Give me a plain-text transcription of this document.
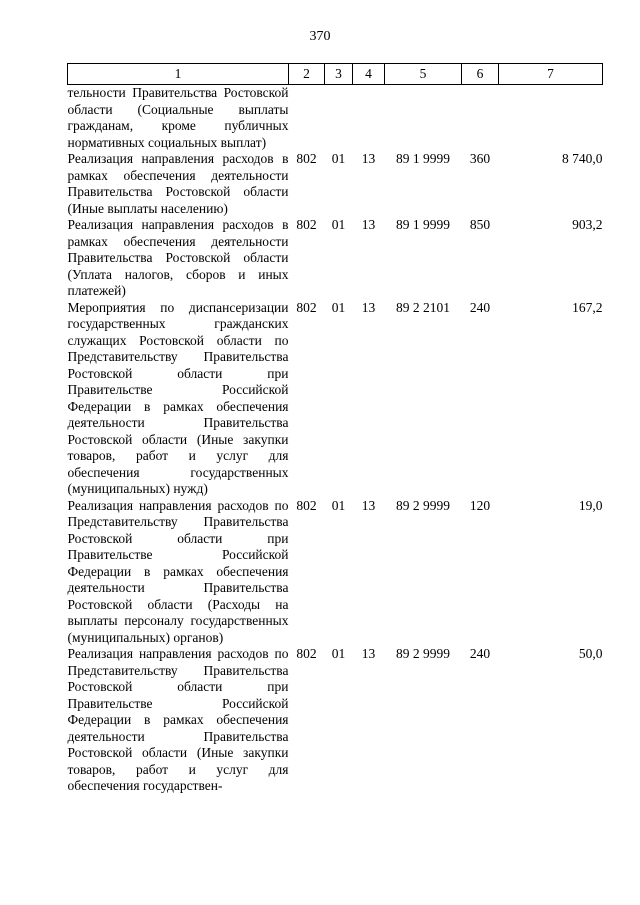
370
1	2	3	4	5	6	7
тельности Правительства Ростовской области (Социальные выплаты гражданам, кроме публичных нормативных социальных выплат)						
Реализация направления расходов в рамках обеспечения деятельности Правительства Ростовской области (Иные выплаты населению)	802	01	13	89 1 9999	360	8 740,0
Реализация направления расходов в рамках обеспечения деятельности Правительства Ростовской области (Уплата налогов, сборов и иных платежей)	802	01	13	89 1 9999	850	903,2
Мероприятия по диспансеризации государственных гражданских служащих Ростовской области по Представительству Правительства Ростовской области при Правительстве Российской Федерации в рамках обеспечения деятельности Правительства Ростовской области (Иные закупки товаров, работ и услуг для обеспечения государственных (муниципальных) нужд)	802	01	13	89 2 2101	240	167,2
Реализация направления расходов по Представительству Правительства Ростовской области при Правительстве Российской Федерации в рамках обеспечения деятельности Правительства Ростовской области (Расходы на выплаты персоналу государственных (муниципальных) органов)	802	01	13	89 2 9999	120	19,0
Реализация направления расходов по Представительству Правительства Ростовской области при Правительстве Российской Федерации в рамках обеспечения деятельности Правительства Ростовской области (Иные закупки товаров, работ и услуг для обеспечения государствен-	802	01	13	89 2 9999	240	50,0
